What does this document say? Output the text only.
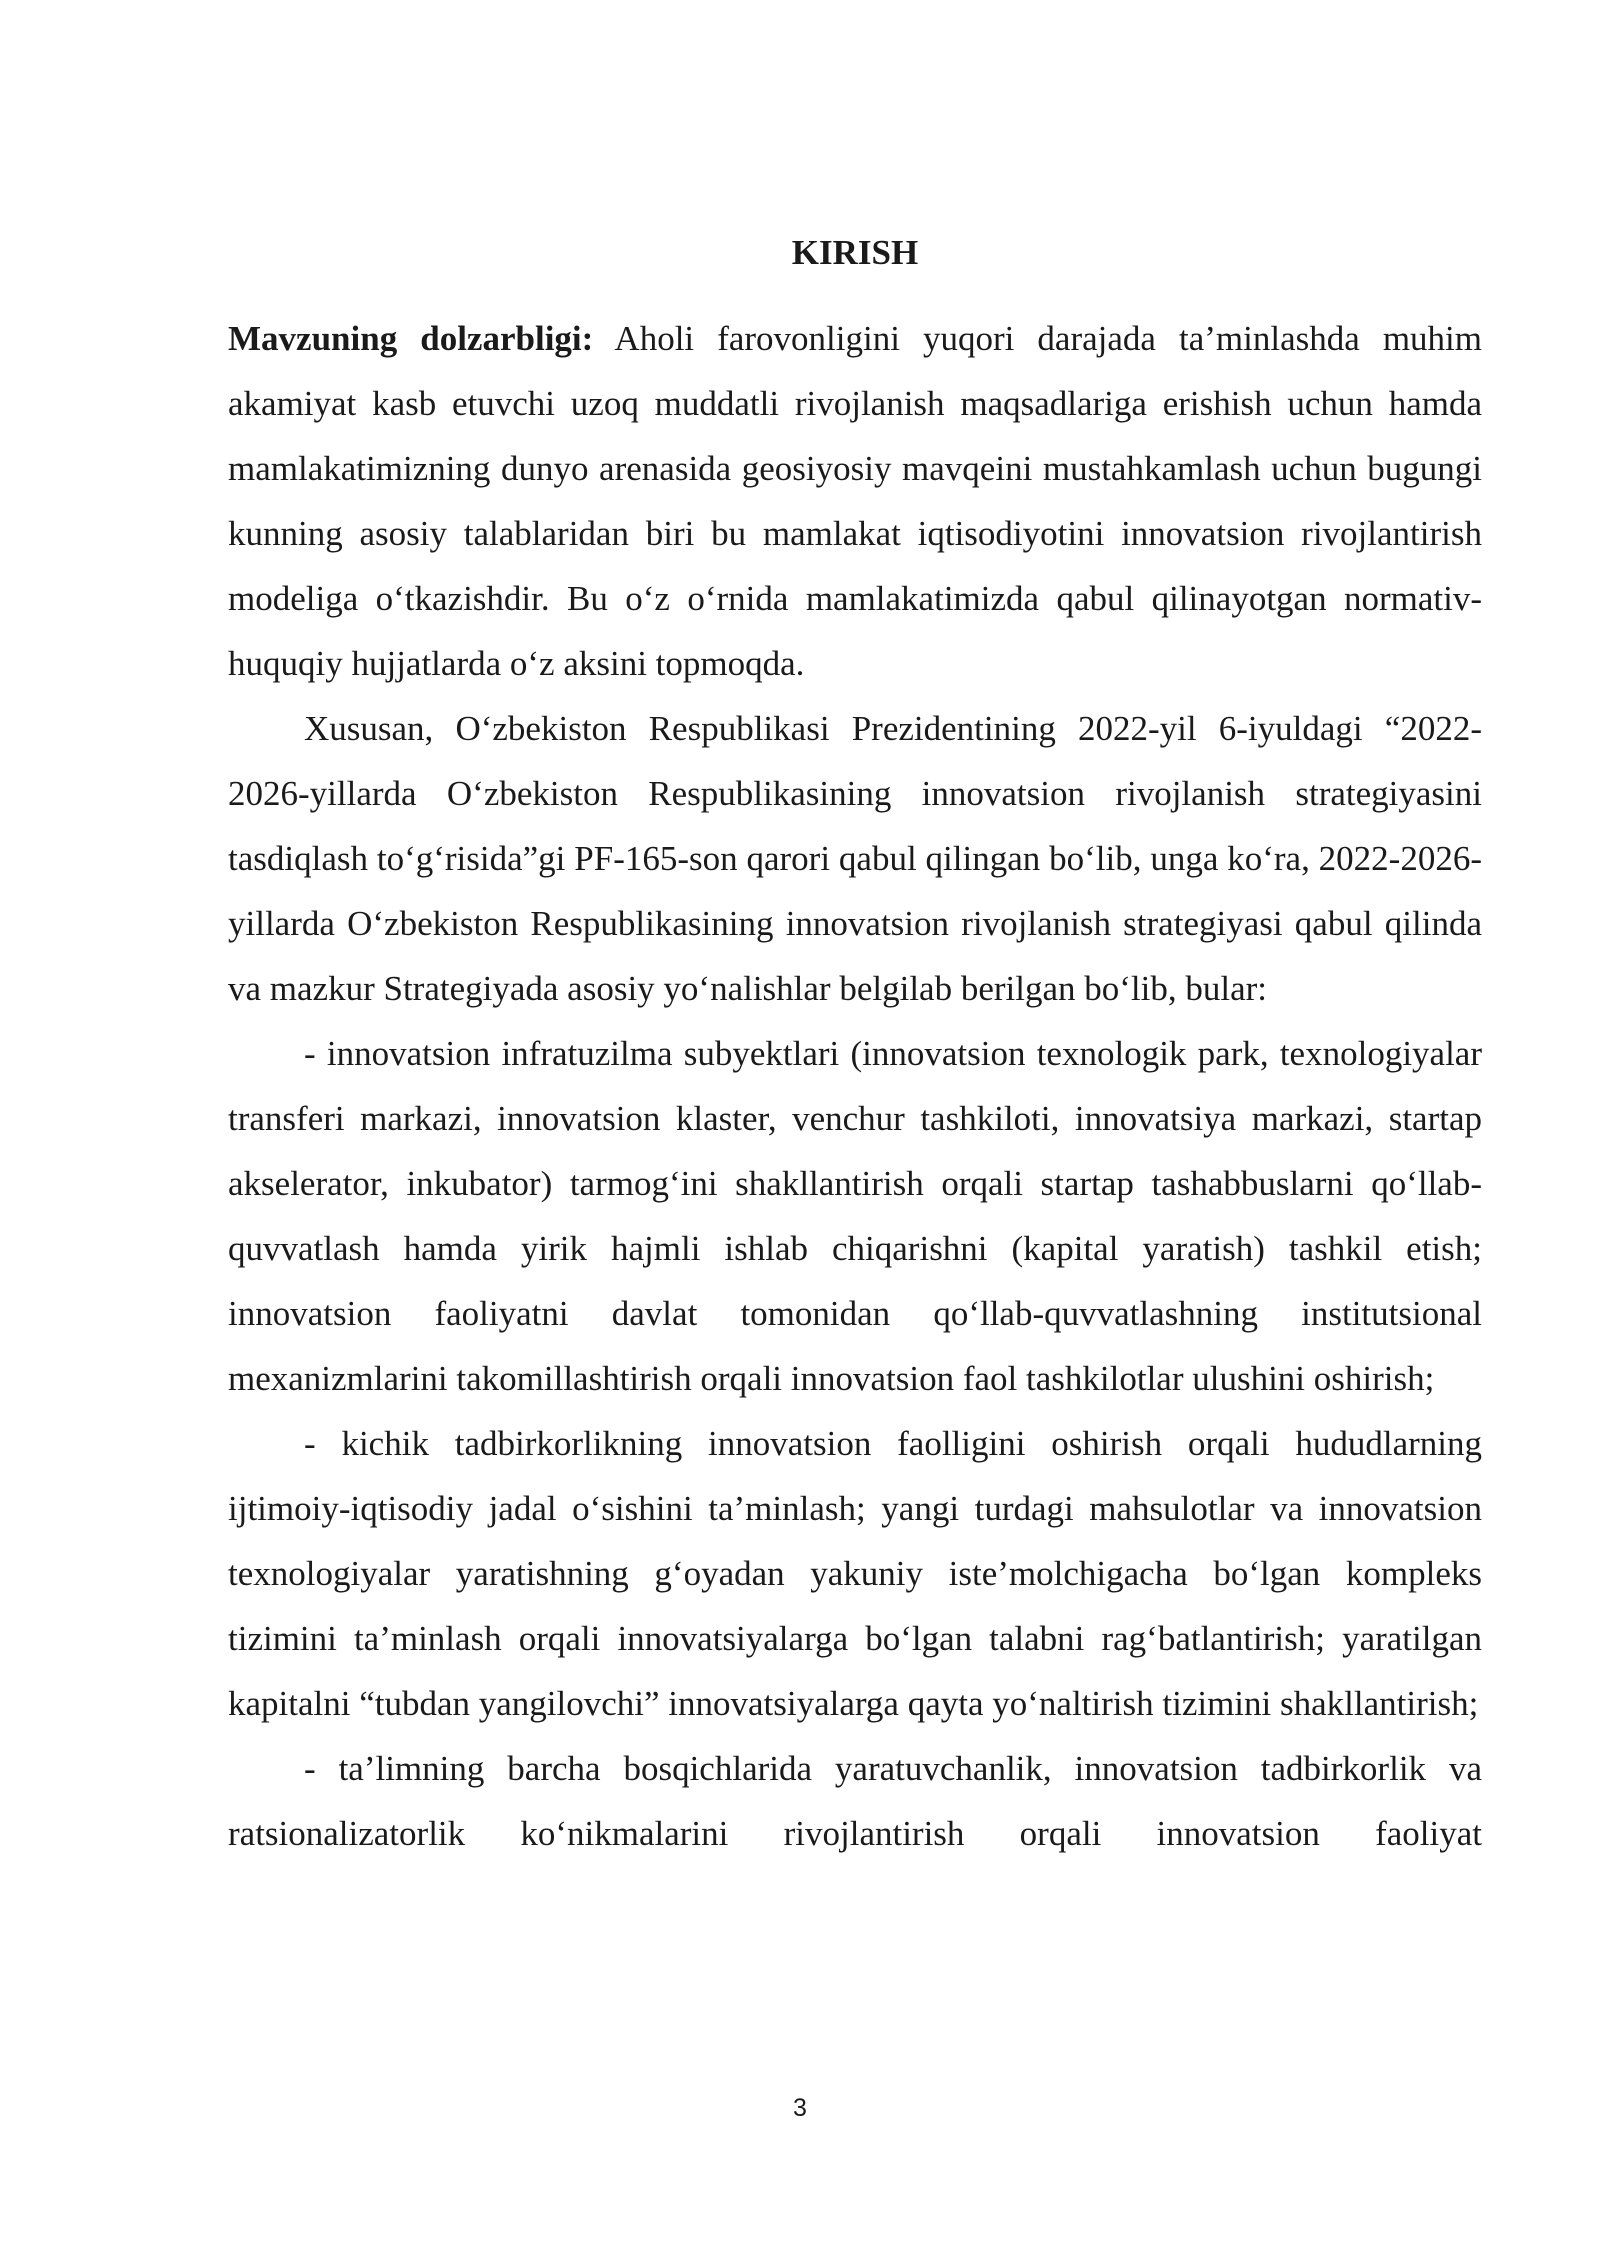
KIRISH

Mavzuning dolzarbligi: Aholi farovonligini yuqori darajada ta’minlashda muhim akamiyat kasb etuvchi uzoq muddatli rivojlanish maqsadlariga erishish uchun hamda mamlakatimizning dunyo arenasida geosiyosiy mavqeini mustahkamlash uchun bugungi kunning asosiy talablaridan biri bu mamlakat iqtisodiyotini innovatsion rivojlantirish modeliga oʻtkazishdir. Bu oʻz oʻrnida mamlakatimizda qabul qilinayotgan normativ-huquqiy hujjatlarda oʻz aksini topmoqda.

Xususan, Oʻzbekiston Respublikasi Prezidentining 2022-yil 6-iyuldagi “2022-2026-yillarda Oʻzbekiston Respublikasining innovatsion rivojlanish strategiyasini tasdiqlash toʻgʻrisida”gi PF-165-son qarori qabul qilingan boʻlib, unga koʻra, 2022-2026-yillarda Oʻzbekiston Respublikasining innovatsion rivojlanish strategiyasi qabul qilinda va mazkur Strategiyada asosiy yoʻnalishlar belgilab berilgan boʻlib, bular:

- innovatsion infratuzilma subyektlari (innovatsion texnologik park, texnologiyalar transferi markazi, innovatsion klaster, venchur tashkiloti, innovatsiya markazi, startap akselerator, inkubator) tarmogʻini shakllantirish orqali startap tashabbuslarni qoʻllab-quvvatlash hamda yirik hajmli ishlab chiqarishni (kapital yaratish) tashkil etish; innovatsion faoliyatni davlat tomonidan qoʻllab-quvvatlashning institutsional mexanizmlarini takomillashtirish orqali innovatsion faol tashkilotlar ulushini oshirish;

- kichik tadbirkorlikning innovatsion faolligini oshirish orqali hududlarning ijtimoiy-iqtisodiy jadal oʻsishini ta’minlash; yangi turdagi mahsulotlar va innovatsion texnologiyalar yaratishning gʻoyadan yakuniy iste’molchigacha boʻlgan kompleks tizimini ta’minlash orqali innovatsiyalarga boʻlgan talabni ragʻbatlantirish; yaratilgan kapitalni “tubdan yangilovchi” innovatsiyalarga qayta yoʻnaltirish tizimini shakllantirish;

- ta’limning barcha bosqichlarida yaratuvchanlik, innovatsion tadbirkorlik va ratsionalizatorlik koʻnikmalarini rivojlantirish orqali innovatsion faoliyat

3
